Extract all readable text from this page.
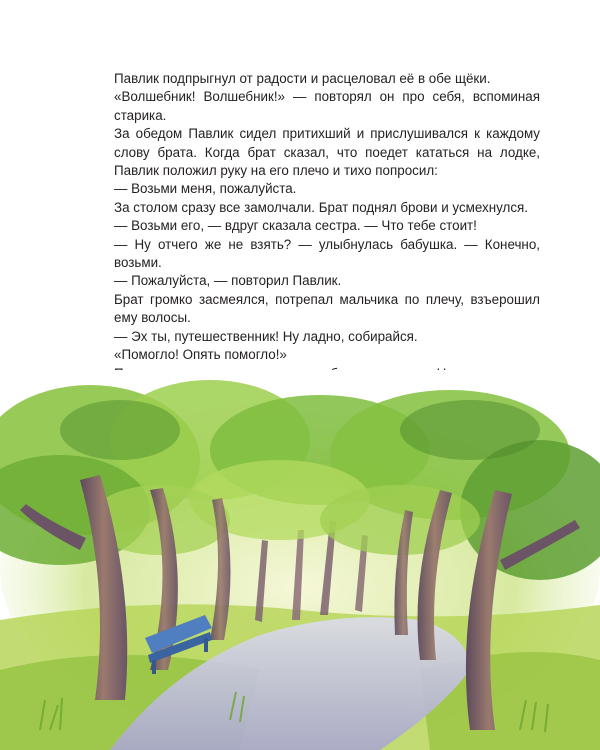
Павлик подпрыгнул от радости и расцеловал её в обе щёки.

«Волшебник! Волшебник!» — повторял он про себя, вспоминая старика.

За обедом Павлик сидел притихший и прислушивался к каждому слову брата. Когда брат сказал, что поедет кататься на лодке, Павлик положил руку на его плечо и тихо попросил:

— Возьми меня, пожалуйста.

За столом сразу все замолчали. Брат поднял брови и усмехнулся.

— Возьми его, — вдруг сказала сестра. — Что тебе стоит!

— Ну отчего же не взять? — улыбнулась бабушка. — Конечно, возьми.

— Пожалуйста, — повторил Павлик.

Брат громко засмеялся, потрепал мальчика по плечу, взъерошил ему волосы.

— Эх ты, путешественник! Ну ладно, собирайся.

«Помогло! Опять помогло!»
